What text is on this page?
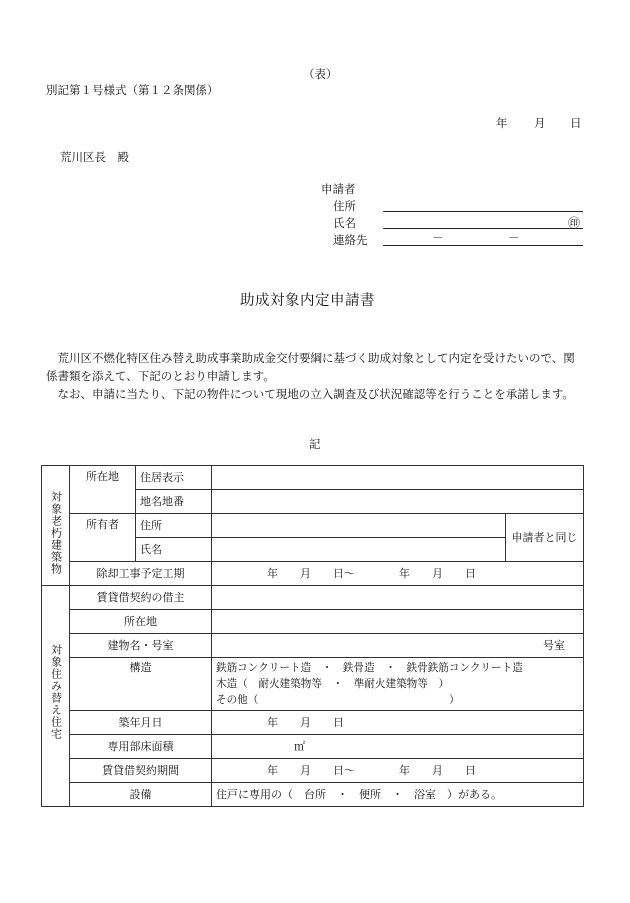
（表）
別記第１号様式（第１２条関係）
年 月 日
荒川区長　殿
申請者
住所
氏名	㊞
連絡先	－	－
助成対象内定申請書
　荒川区不燃化特区住み替え助成事業助成金交付要綱に基づく助成対象として内定を受けたいので、関係書類を添えて、下記のとおり申請します。
　なお、申請に当たり、下記の物件について現地の立入調査及び状況確認等を行うことを承諾します。
記
対象老朽建築物	所在地	住居表示		
		地名地番		
	所有者	住所		申請者と同じ
		氏名		
	除却工事予定工期		年　　月　　日～　　　　年　　月　　日	
対象住み替え住宅	賃貸借契約の借主			
	所在地			
	建物名・号室		号室	
	構造		鉄筋コンクリート造　・　鉄骨造　・　鉄骨鉄筋コンクリート造
木造（　耐火建築物等　・　準耐火建築物等　）
その他（　　　　　　　　　　　　　　　　　　）	

	築年月日		年　　月　　日	
	専用部床面積		㎡	
	賃貸借契約期間		年　　月　　日～　　　　年　　月　　日	
	設備		住戸に専用の（　台所　・　便所　・　浴室　）がある。	
